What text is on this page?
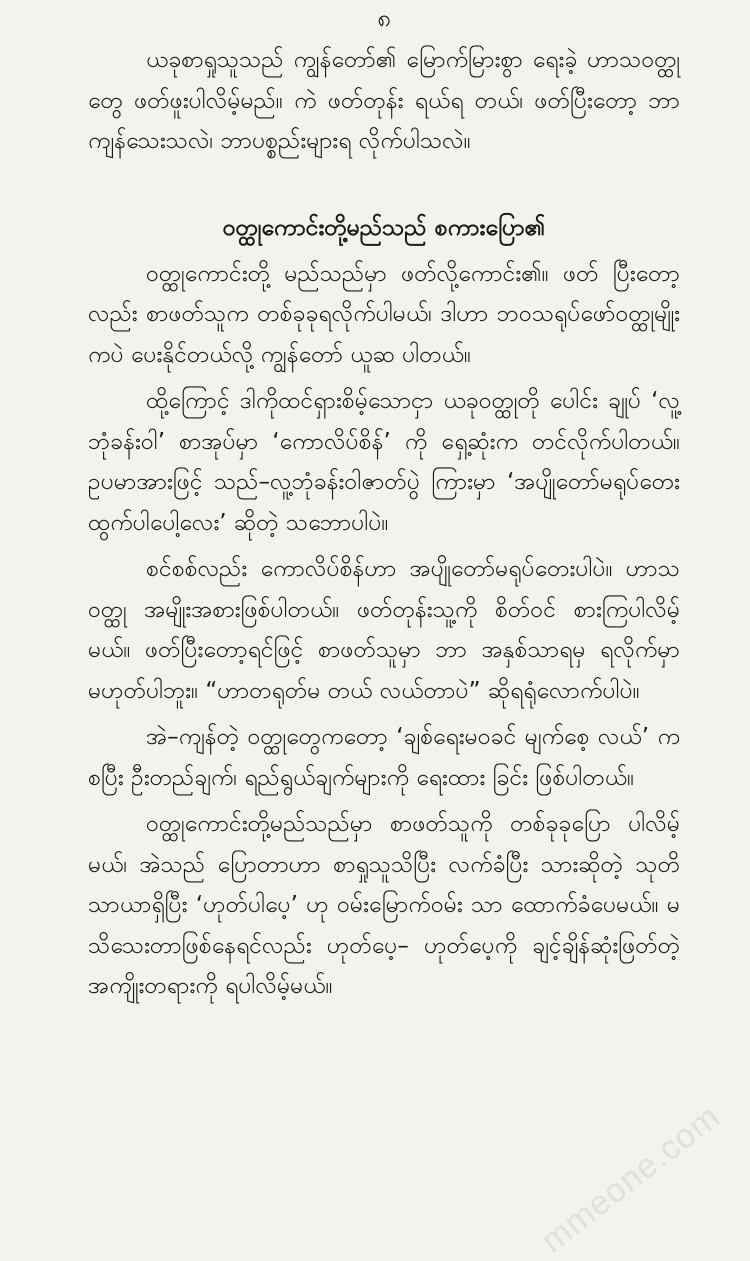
၈

ယခုစာရှုသူသည် ကျွန်တော်၏ မြောက်မြားစွာ ရေးခဲ့ ဟာသဝတ္ထုတွေ ဖတ်ဖူးပါလိမ့်မည်။ ကဲ ဖတ်တုန်း ရယ်ရ တယ်၊ ဖတ်ပြီးတော့ ဘာကျန်သေးသလဲ၊ ဘာပစ္စည်းများရ လိုက်ပါသလဲ။

ဝတ္ထုကောင်းတို့မည်သည် စကားပြော၏

ဝတ္ထုကောင်းတို့ မည်သည်မှာ ဖတ်လို့ကောင်း၏။ ဖတ် ပြီးတော့လည်း စာဖတ်သူက တစ်ခုခုရလိုက်ပါမယ်၊ ဒါဟာ ဘဝသရုပ်ဖော်ဝတ္ထုမျိုးကပဲ ပေးနိုင်တယ်လို့ ကျွန်တော် ယူဆ ပါတယ်။

ထို့ကြောင့် ဒါကိုထင်ရှားစိမ့်သောငှာ ယခုဝတ္ထုတို ပေါင်း ချုပ် ‘လူ့ဘုံခန်းဝါ’ စာအုပ်မှာ ‘ကောလိပ်စိန်’ ကို ရှေ့ဆုံးက တင်လိုက်ပါတယ်။ ဥပမာအားဖြင့် သည်–လူ့ဘုံခန်းဝါဇာတ်ပွဲ ကြားမှာ ‘အပျိုတော်မရုပ်တေး ထွက်ပါပေါ့လေး’ ဆိုတဲ့ သဘောပါပဲ။

စင်စစ်လည်း ကောလိပ်စိန်ဟာ အပျိုတော်မရုပ်တေးပါပဲ။ ဟာသဝတ္ထု အမျိုးအစားဖြစ်ပါတယ်။ ဖတ်တုန်းသူ့ကို စိတ်ဝင် စားကြပါလိမ့်မယ်။ ဖတ်ပြီးတော့ရင်ဖြင့် စာဖတ်သူမှာ ဘာ အနှစ်သာရမှ ရလိုက်မှာမဟုတ်ပါဘူး။ “ဟာတရုတ်မ တယ် လယ်တာပဲ” ဆိုရရုံလောက်ပါပဲ။

အဲ–ကျန်တဲ့ ဝတ္ထုတွေကတော့ ‘ချစ်ရေးမဝခင် မျက်စေ့ လယ်’ ကစပြီး ဦးတည်ချက်၊ ရည်ရွယ်ချက်များကို ရေးထား ခြင်း ဖြစ်ပါတယ်။

ဝတ္ထုကောင်းတို့မည်သည်မှာ စာဖတ်သူကို တစ်ခုခုပြော ပါလိမ့်မယ်၊ အဲသည် ပြောတာဟာ စာရှုသူသိပြီး လက်ခံပြီး သားဆိုတဲ့ သုတိသာယာရှိပြီး ‘ဟုတ်ပါပေ့’ ဟု ဝမ်းမြောက်ဝမ်း သာ ထောက်ခံပေမယ်။ မသိသေးတာဖြစ်နေရင်လည်း ဟုတ်ပေ့– ဟုတ်ပေ့ကို ချင့်ချိန်ဆုံးဖြတ်တဲ့အကျိုးတရားကို ရပါလိမ့်မယ်။

mmeone.com
